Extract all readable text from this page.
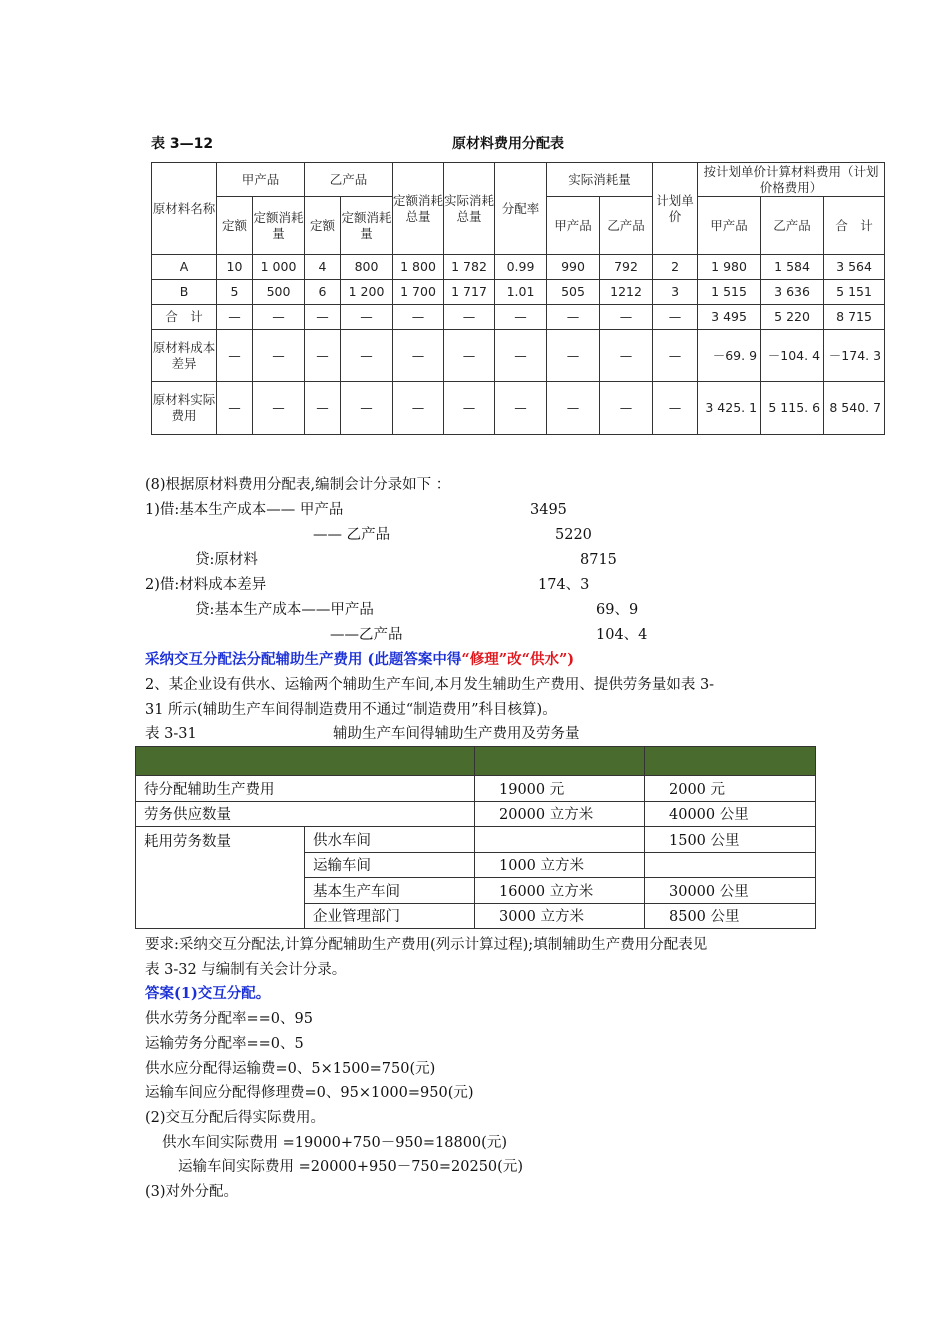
表 3—12	原材料费用分配表
原材料名称	甲产品		乙产品		定额消耗总量	实际消耗总量	分配率	实际消耗量		计划单价	按计划单价计算材料费用（计划价格费用）		
	定额	定额消耗量	定额	定额消耗量				甲产品	乙产品		甲产品	乙产品	合　计
A	10	1 000	4	800	1 800	1 782	0.99	990	792	2	1 980	1 584	3 564
B	5	500	6	1 200	1 700	1 717	1.01	505	1212	3	1 515	3 636	5 151
合　计	—	—	—	—	—	—	—	—	—	—	3 495	5 220	8 715
原材料成本差异	—	—	—	—	—	—	—	—	—	—	－69. 9	－104. 4	－174. 3
原材料实际费用	—	—	—	—	—	—	—	—	—	—	3 425. 1	5 115. 6	8 540. 7
(8)根据原材料费用分配表,编制会计分录如下 ：
1)借:基本生产成本—— 甲产品	3495
—— 乙产品	5220
贷:原材料	8715
2)借:材料成本差异	174、3
贷:基本生产成本——甲产品	69、9
——乙产品	104、4
采纳交互分配法分配辅助生产费用 (此题答案中得“修理”改“供水”)
2、某企业设有供水、运输两个辅助生产车间,本月发生辅助生产费用、提供劳务量如表 3-
31 所示(辅助生产车间得制造费用不通过“制造费用”科目核算)。
表 3-31	辅助生产车间得辅助生产费用及劳务量

待分配辅助生产费用		19000 元	2000 元
劳务供应数量		20000 立方米	40000 公里
耗用劳务数量	供水车间		1500 公里
	运输车间	1000 立方米	
	基本生产车间	16000 立方米	30000 公里
	企业管理部门	3000 立方米	8500 公里
要求:采纳交互分配法,计算分配辅助生产费用(列示计算过程);填制辅助生产费用分配表见
表 3-32 与编制有关会计分录。
答案(1)交互分配。
供水劳务分配率==0、95
运输劳务分配率==0、5
供水应分配得运输费=0、5×1500=750(元)
运输车间应分配得修理费=0、95×1000=950(元)
(2)交互分配后得实际费用。
供水车间实际费用 =19000+750－950=18800(元)
运输车间实际费用 =20000+950－750=20250(元)
(3)对外分配。
